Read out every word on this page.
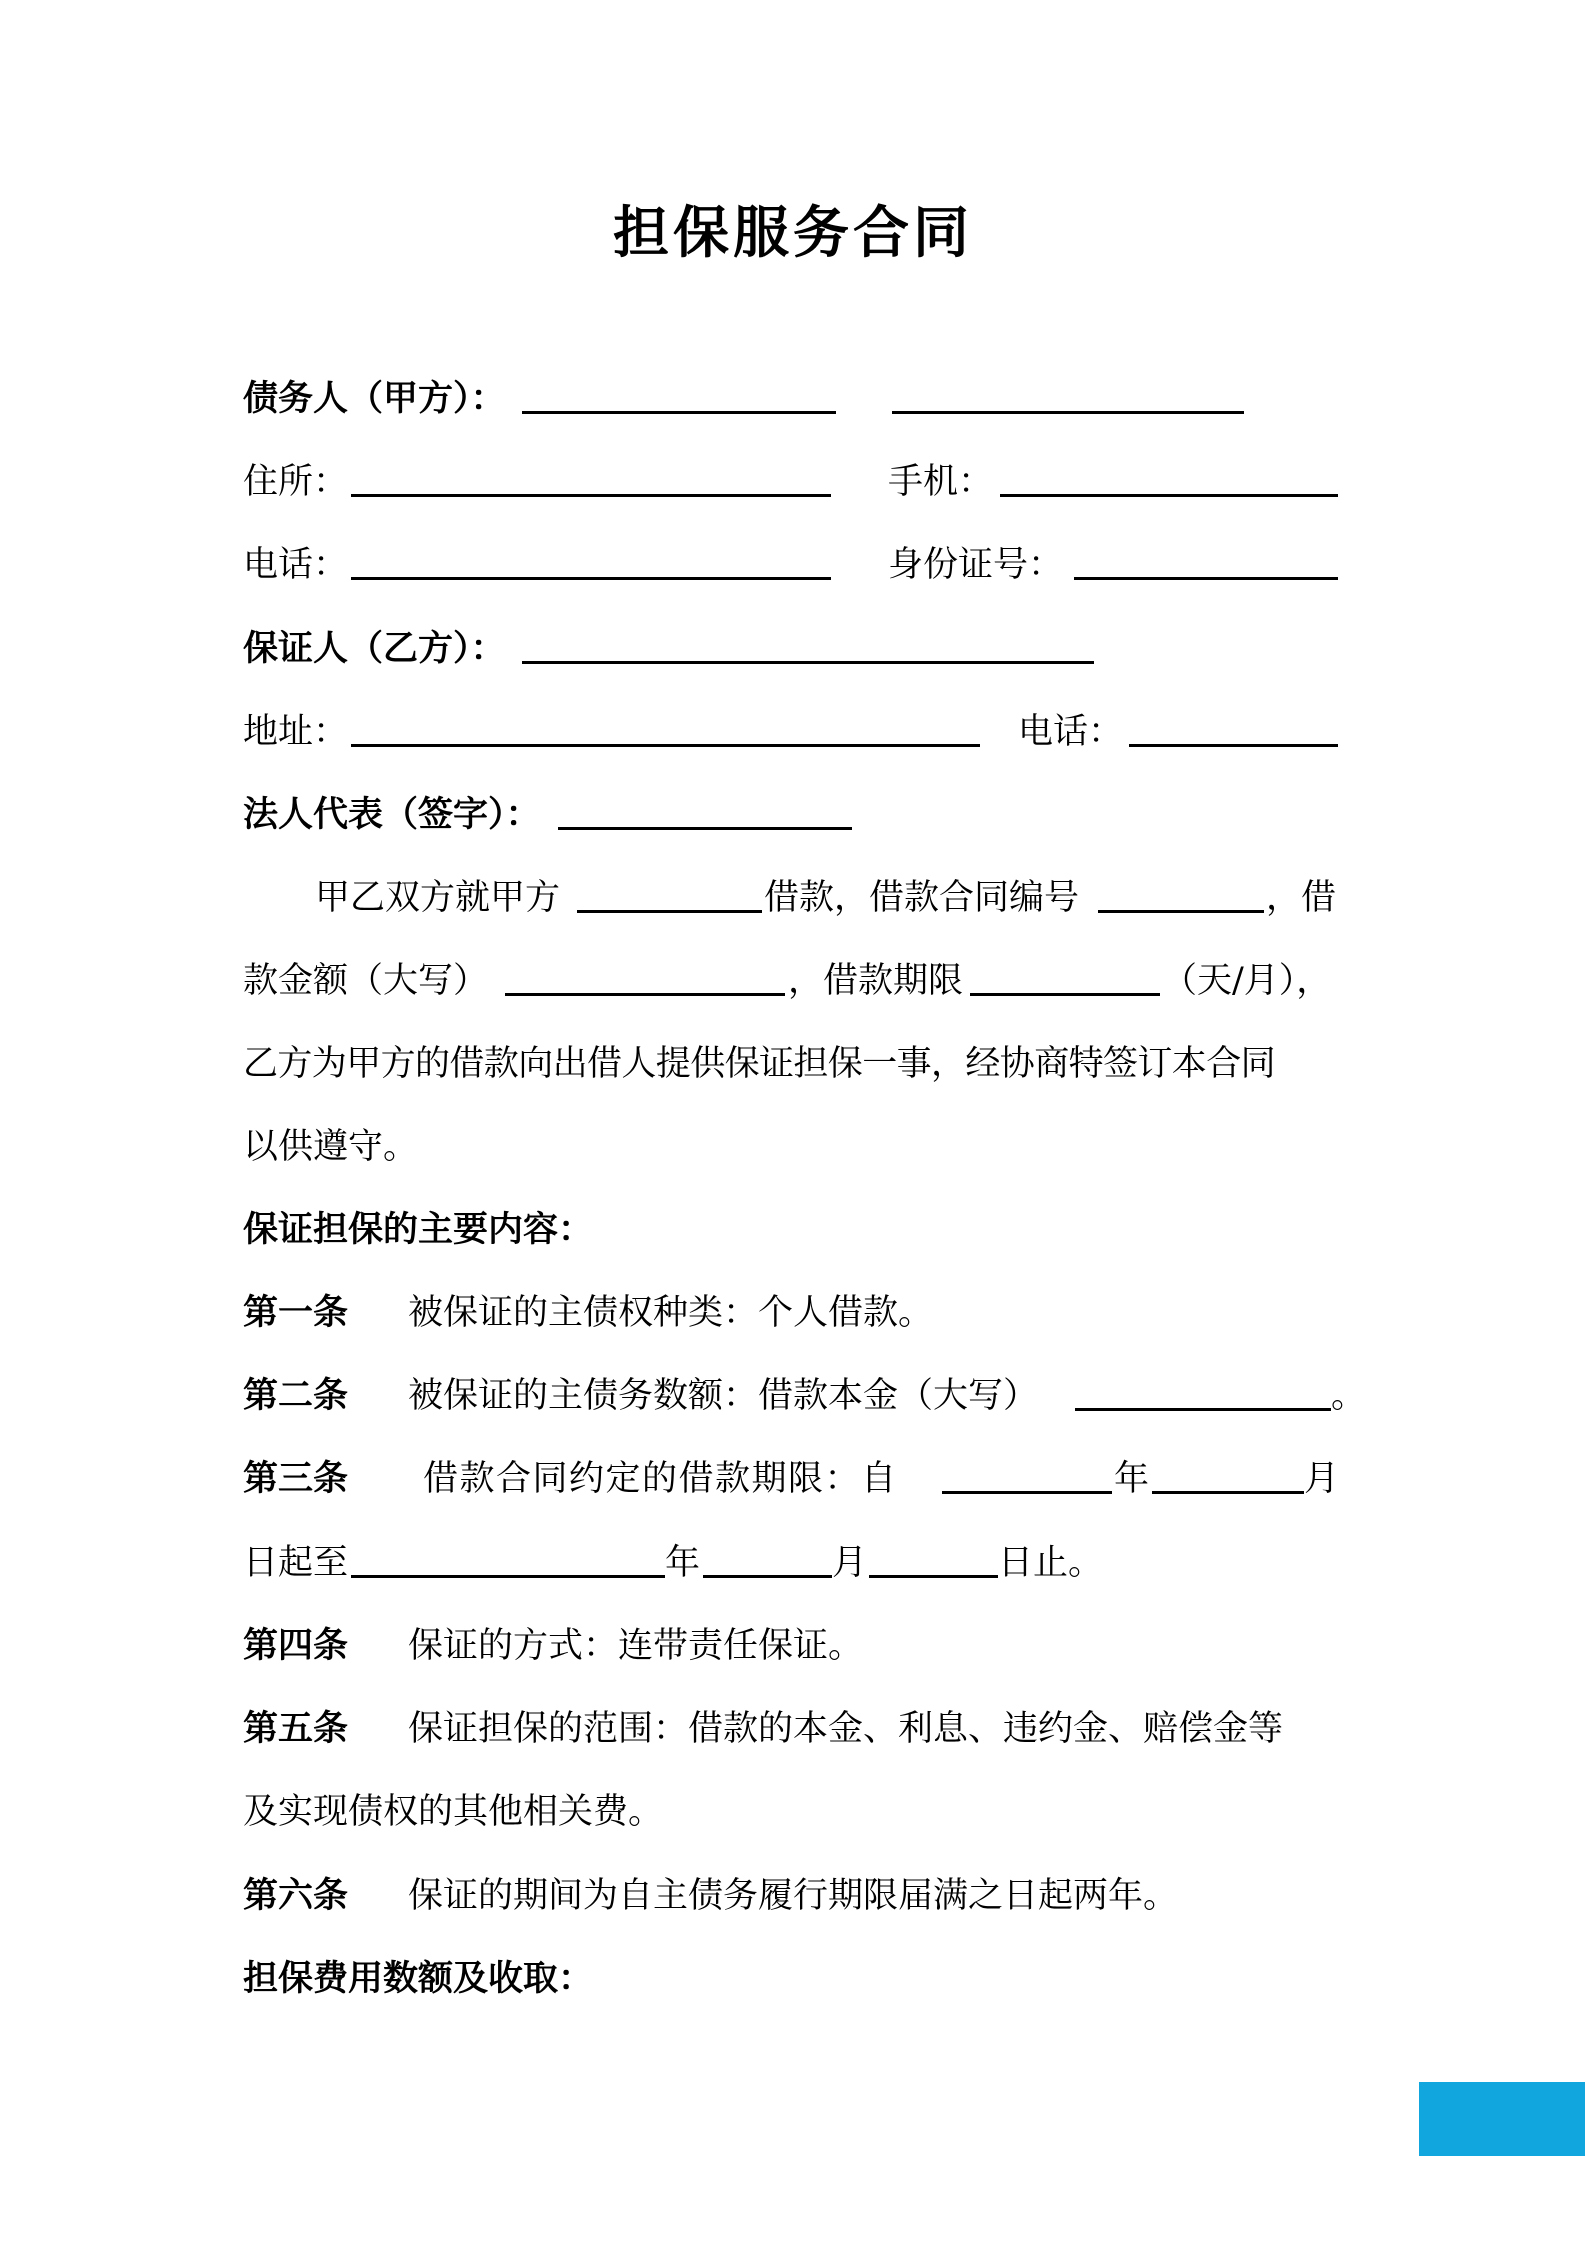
担保服务合同
债务人（甲方）：
住所：	手机：
电话：	身份证号：
保证人（乙方）：
地址：	电话：
法人代表（签字）：
甲乙双方就甲方	借款，借款合同编号	，借
款金额（大写）	，借款期限	（天/月），
乙方为甲方的借款向出借人提供保证担保一事，经协商特签订本合同
以供遵守。
保证担保的主要内容：
第一条 被保证的主债权种类：个人借款。
第二条 被保证的主债务数额：借款本金（大写）	。
第三条 借款合同约定的借款期限：自	年	月
日起至	年	月	日止。
第四条 保证的方式：连带责任保证。
第五条 保证担保的范围：借款的本金、利息、违约金、赔偿金等
及实现债权的其他相关费。
第六条 保证的期间为自主债务履行期限届满之日起两年。
担保费用数额及收取：
